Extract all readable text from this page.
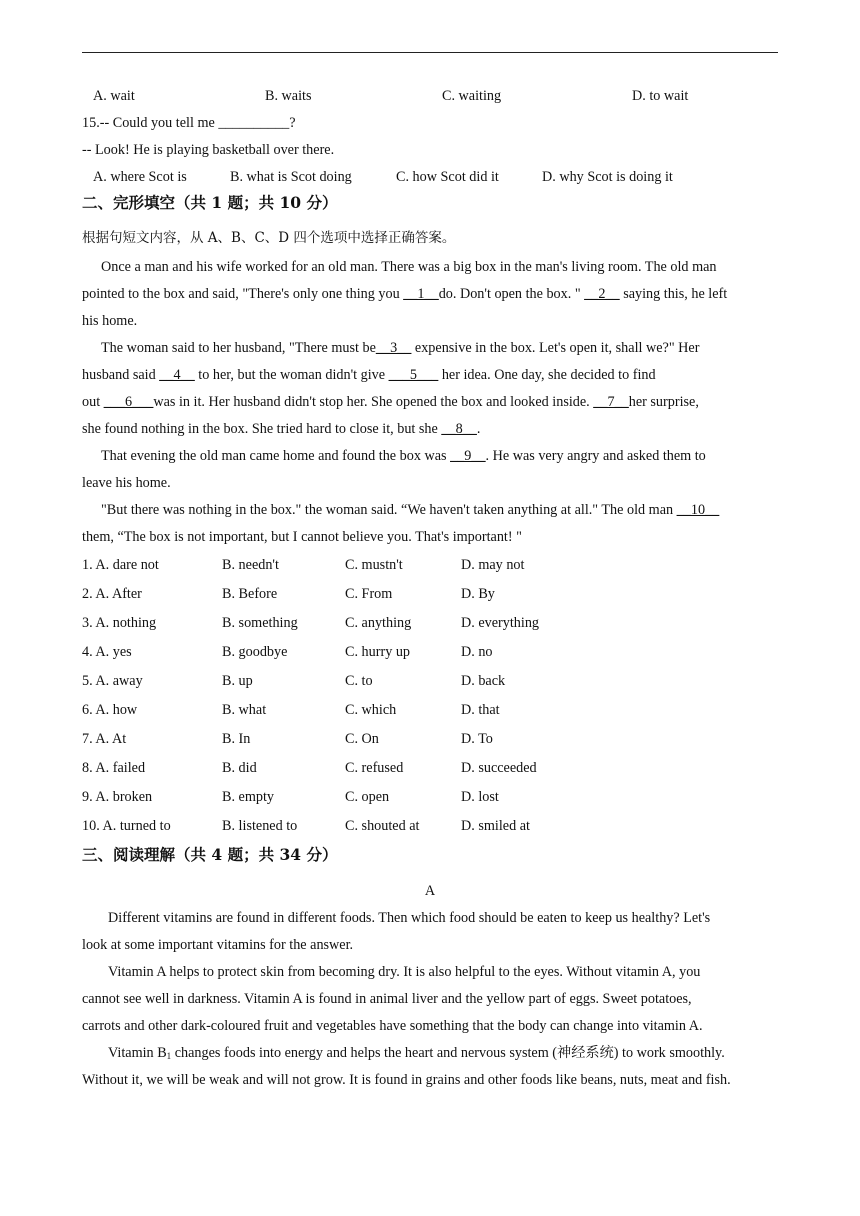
A. wait	B. waits	C. waiting	D. to wait
15.-- Could you tell me __________?
-- Look! He is playing basketball over there.
A. where Scot is	B. what is Scot doing	C. how Scot did it	D. why Scot is doing it
二、完形填空（共 1 题；共 10 分）
根据句短文内容，从 A、B、C、D 四个选项中选择正确答案。
Once a man and his wife worked for an old man. There was a big box in the man's living room. The old man
pointed to the box and said, "There's only one thing you __1__do. Don't open the box. " __2__ saying this, he left
his home.
The woman said to her husband, "There must be__3__ expensive in the box. Let's open it, shall we?" Her
husband said __4__ to her, but the woman didn't give ___5___ her idea. One day, she decided to find
out ___6___was in it. Her husband didn't stop her. She opened the box and looked inside. __7__her surprise,
she found nothing in the box. She tried hard to close it, but she __8__.
That evening the old man came home and found the box was __9__. He was very angry and asked them to
leave his home.
"But there was nothing in the box." the woman said. “We haven't taken anything at all." The old man __10__
them, “The box is not important, but I cannot believe you. That's important! "
1. A. dare not	B. needn't	C. mustn't	D. may not
2. A. After	B. Before	C. From	D. By
3. A. nothing	B. something	C. anything	D. everything
4. A. yes	B. goodbye	C. hurry up	D. no
5. A. away	B. up	C. to	D. back
6. A. how	B. what	C. which	D. that
7. A. At	B. In	C. On	D. To
8. A. failed	B. did	C. refused	D. succeeded
9. A. broken	B. empty	C. open	D. lost
10. A. turned to	B. listened to	C. shouted at	D. smiled at
三、阅读理解（共 4 题；共 34 分）
A
Different vitamins are found in different foods. Then which food should be eaten to keep us healthy? Let's
look at some important vitamins for the answer.
Vitamin A helps to protect skin from becoming dry. It is also helpful to the eyes. Without vitamin A, you
cannot see well in darkness. Vitamin A is found in animal liver and the yellow part of eggs. Sweet potatoes,
carrots and other dark-coloured fruit and vegetables have something that the body can change into vitamin A.
Vitamin $B_1$ changes foods into energy and helps the heart and nervous system (神经系统) to work smoothly.
Without it, we will be weak and will not grow. It is found in grains and other foods like beans, nuts, meat and fish.
